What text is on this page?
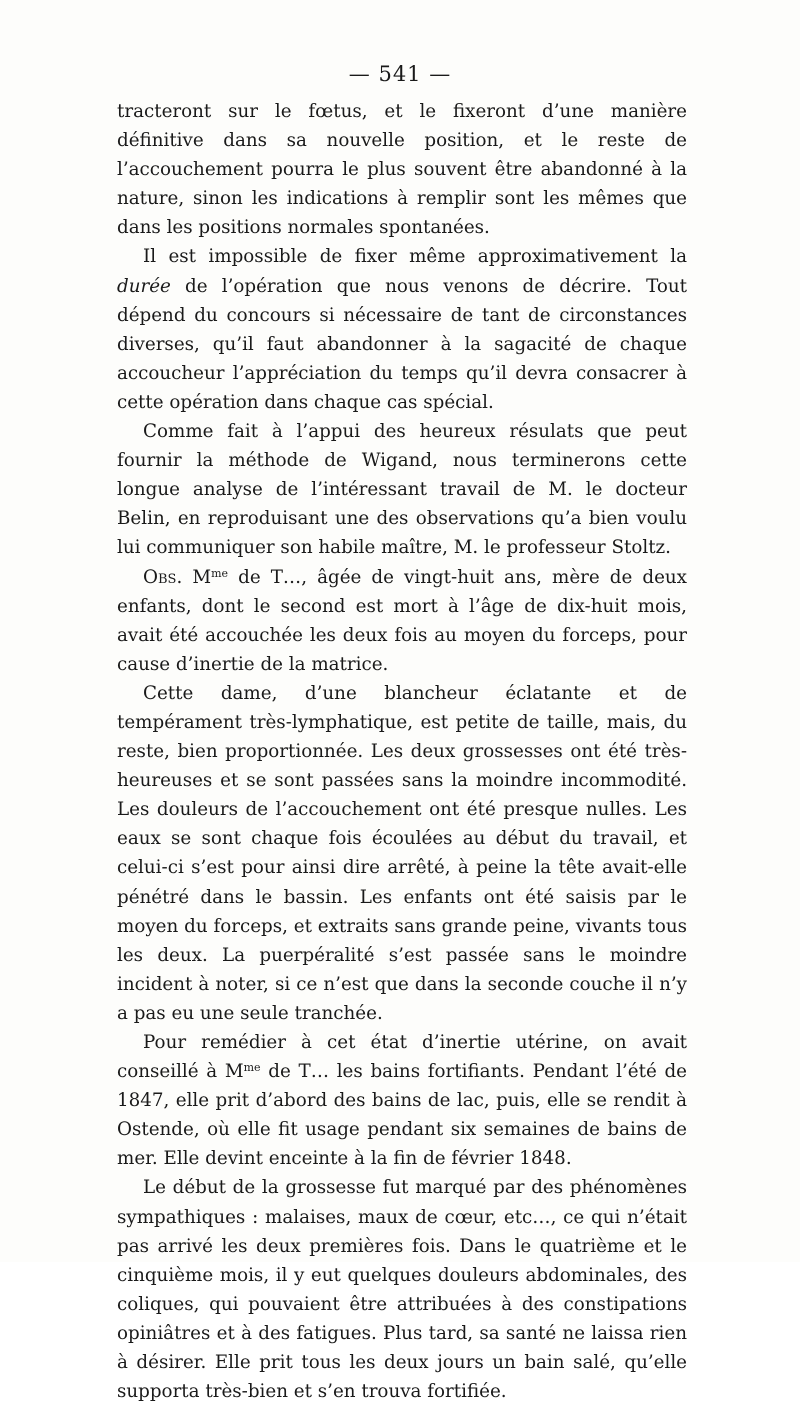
— 541 —

tracteront sur le fœtus, et le fixeront d’une manière définitive dans sa nouvelle position, et le reste de l’accouchement pourra le plus souvent être abandonné à la nature, sinon les indications à remplir sont les mêmes que dans les positions normales spontanées.

Il est impossible de fixer même approximativement la durée de l’opération que nous venons de décrire. Tout dépend du concours si nécessaire de tant de circonstances diverses, qu’il faut abandonner à la sagacité de chaque accoucheur l’appréciation du temps qu’il devra consacrer à cette opération dans chaque cas spécial.

Comme fait à l’appui des heureux résulats que peut fournir la méthode de Wigand, nous terminerons cette longue analyse de l’intéressant travail de M. le docteur Belin, en reproduisant une des observations qu’a bien voulu lui communiquer son habile maître, M. le professeur Stoltz.

Obs. $M^{me}$ de T…, âgée de vingt-huit ans, mère de deux enfants, dont le second est mort à l’âge de dix-huit mois, avait été accouchée les deux fois au moyen du forceps, pour cause d’inertie de la matrice.

Cette dame, d’une blancheur éclatante et de tempérament très-lymphatique, est petite de taille, mais, du reste, bien proportionnée. Les deux grossesses ont été très-heureuses et se sont passées sans la moindre incommodité. Les douleurs de l’accouchement ont été presque nulles. Les eaux se sont chaque fois écoulées au début du travail, et celui-ci s’est pour ainsi dire arrêté, à peine la tête avait-elle pénétré dans le bassin. Les enfants ont été saisis par le moyen du forceps, et extraits sans grande peine, vivants tous les deux. La puerpéralité s’est passée sans le moindre incident à noter, si ce n’est que dans la seconde couche il n’y a pas eu une seule tranchée.

Pour remédier à cet état d’inertie utérine, on avait conseillé à $M^{me}$ de T… les bains fortifiants. Pendant l’été de 1847, elle prit d’abord des bains de lac, puis, elle se rendit à Ostende, où elle fit usage pendant six semaines de bains de mer. Elle devint enceinte à la fin de février 1848.

Le début de la grossesse fut marqué par des phénomènes sympathiques : malaises, maux de cœur, etc…, ce qui n’était pas arrivé les deux premières fois. Dans le quatrième et le cinquième mois, il y eut quelques douleurs abdominales, des coliques, qui pouvaient être attribuées à des constipations opiniâtres et à des fatigues. Plus tard, sa santé ne laissa rien à désirer. Elle prit tous les deux jours un bain salé, qu’elle supporta très-bien et s’en trouva fortifiée.
